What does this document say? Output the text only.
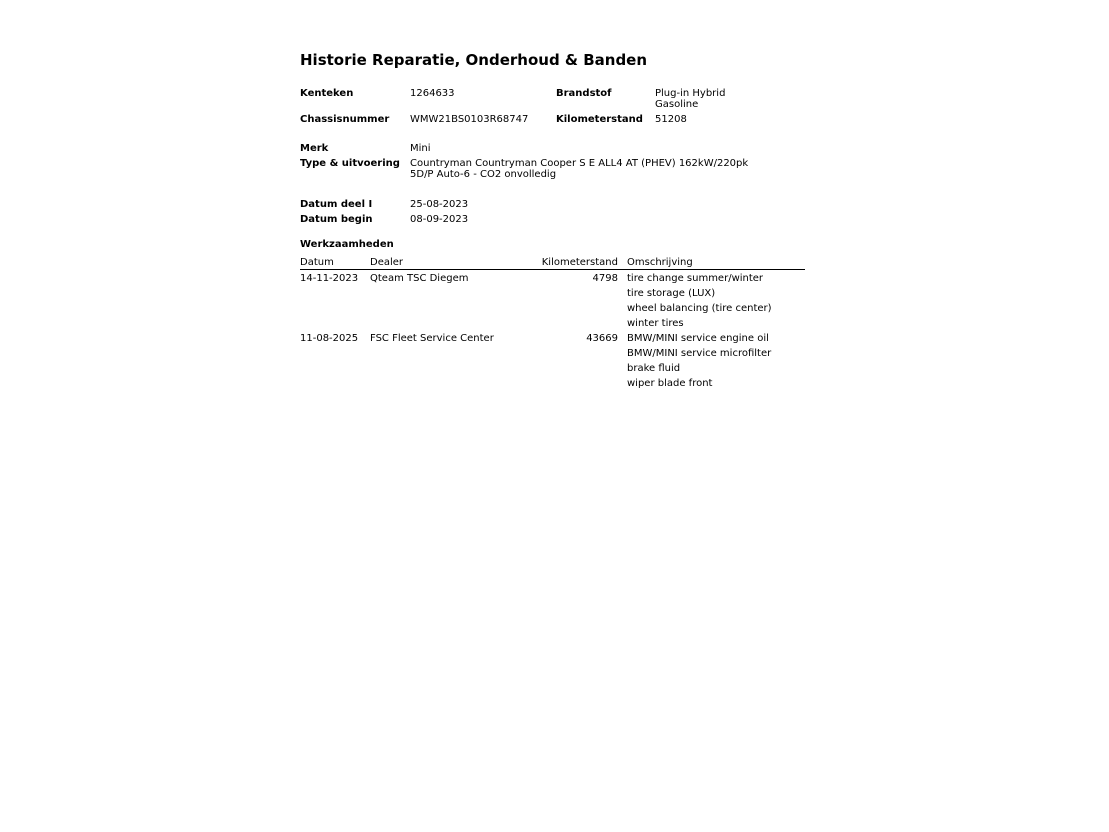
Historie Reparatie, Onderhoud & Banden
Kenteken	1264633	Brandstof	Plug-in Hybrid
Gasoline
Chassisnummer WMW21BS0103R68747	Kilometerstand 51208
Merk	Mini
Type & uitvoering Countryman Countryman Cooper S E ALL4 AT (PHEV) 162kW/220pk
5D/P Auto-6 - CO2 onvolledig
Datum deel I	25-08-2023
Datum begin	08-09-2023
Werkzaamheden
Datum	Dealer	Kilometerstand Omschrijving
14-11-2023 Qteam TSC Diegem	4798 tire change summer/winter
tire storage (LUX)
wheel balancing (tire center)
winter tires
11-08-2025 FSC Fleet Service Center	43669 BMW/MINI service engine oil
BMW/MINI service microfilter
brake fluid
wiper blade front
